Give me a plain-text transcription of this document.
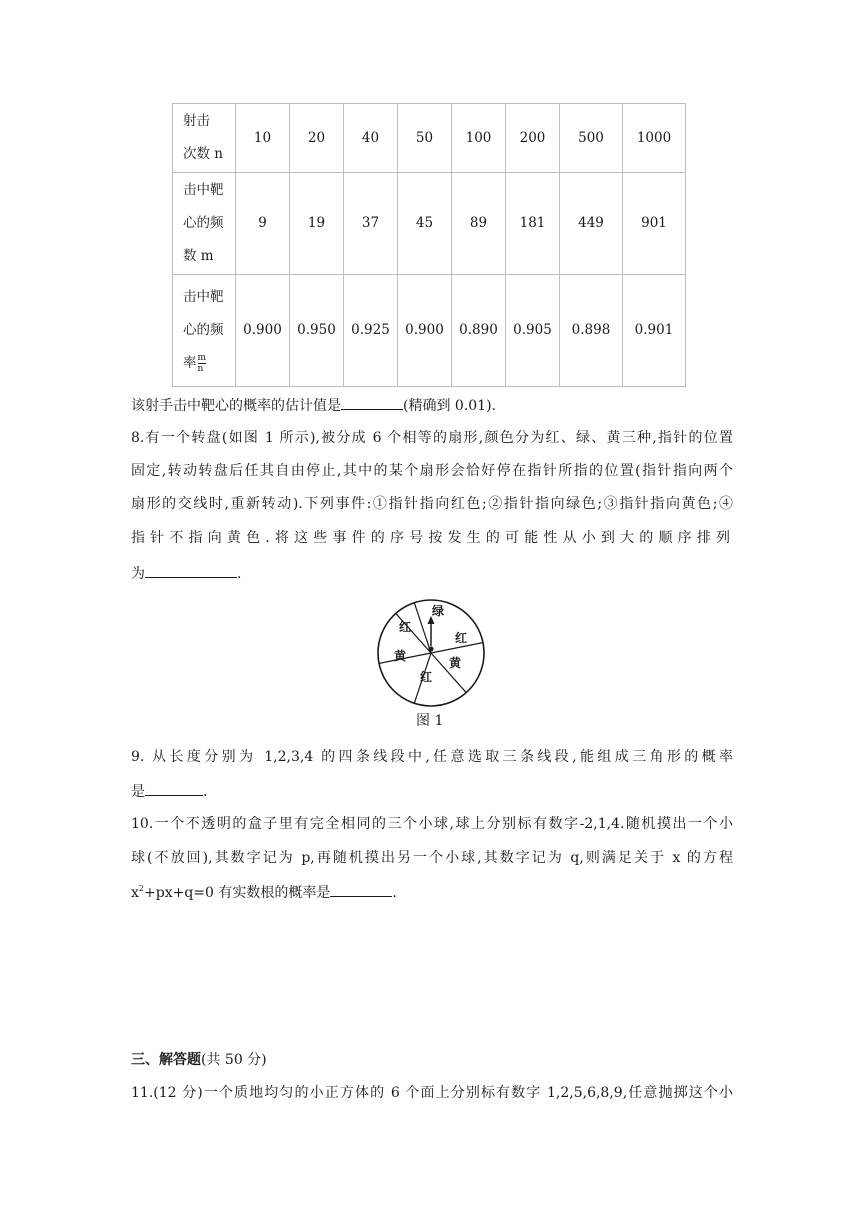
射击
次数 n	10	20	40	50	100	200	500	1000

击中靶
心的频
数 m	9	19	37	45	89	181	449	901

击中靶
心的频
率 $\frac{m}{n}$	0.900	0.950	0.925	0.900	0.890	0.905	0.898	0.901
该射手击中靶心的概率的估计值是	(精确到 0.01).
8.有一个转盘(如图 1 所示),被分成 6 个相等的扇形,颜色分为红、绿、黄三种,指针的位置
固定,转动转盘后任其自由停止,其中的某个扇形会恰好停在指针所指的位置(指针指向两个
扇形的交线时,重新转动).下列事件:①指针指向红色;②指针指向绿色;③指针指向黄色;④
指针不指向黄色.将这些事件的序号按发生的可能性从小到大的顺序排列
为	.
绿
红
黄
红
黄
红
图 1
9. 从长度分别为 1,2,3,4 的四条线段中,任意选取三条线段,能组成三角形的概率
是	.
10.一个不透明的盒子里有完全相同的三个小球,球上分别标有数字-2,1,4.随机摸出一个小
球(不放回),其数字记为 p,再随机摸出另一个小球,其数字记为 q,则满足关于 x 的方程
$x^2+px+q=0$ 有实数根的概率是	.
三、解答题(共 50 分)
11.(12 分)一个质地均匀的小正方体的 6 个面上分别标有数字 1,2,5,6,8,9,任意抛掷这个小
